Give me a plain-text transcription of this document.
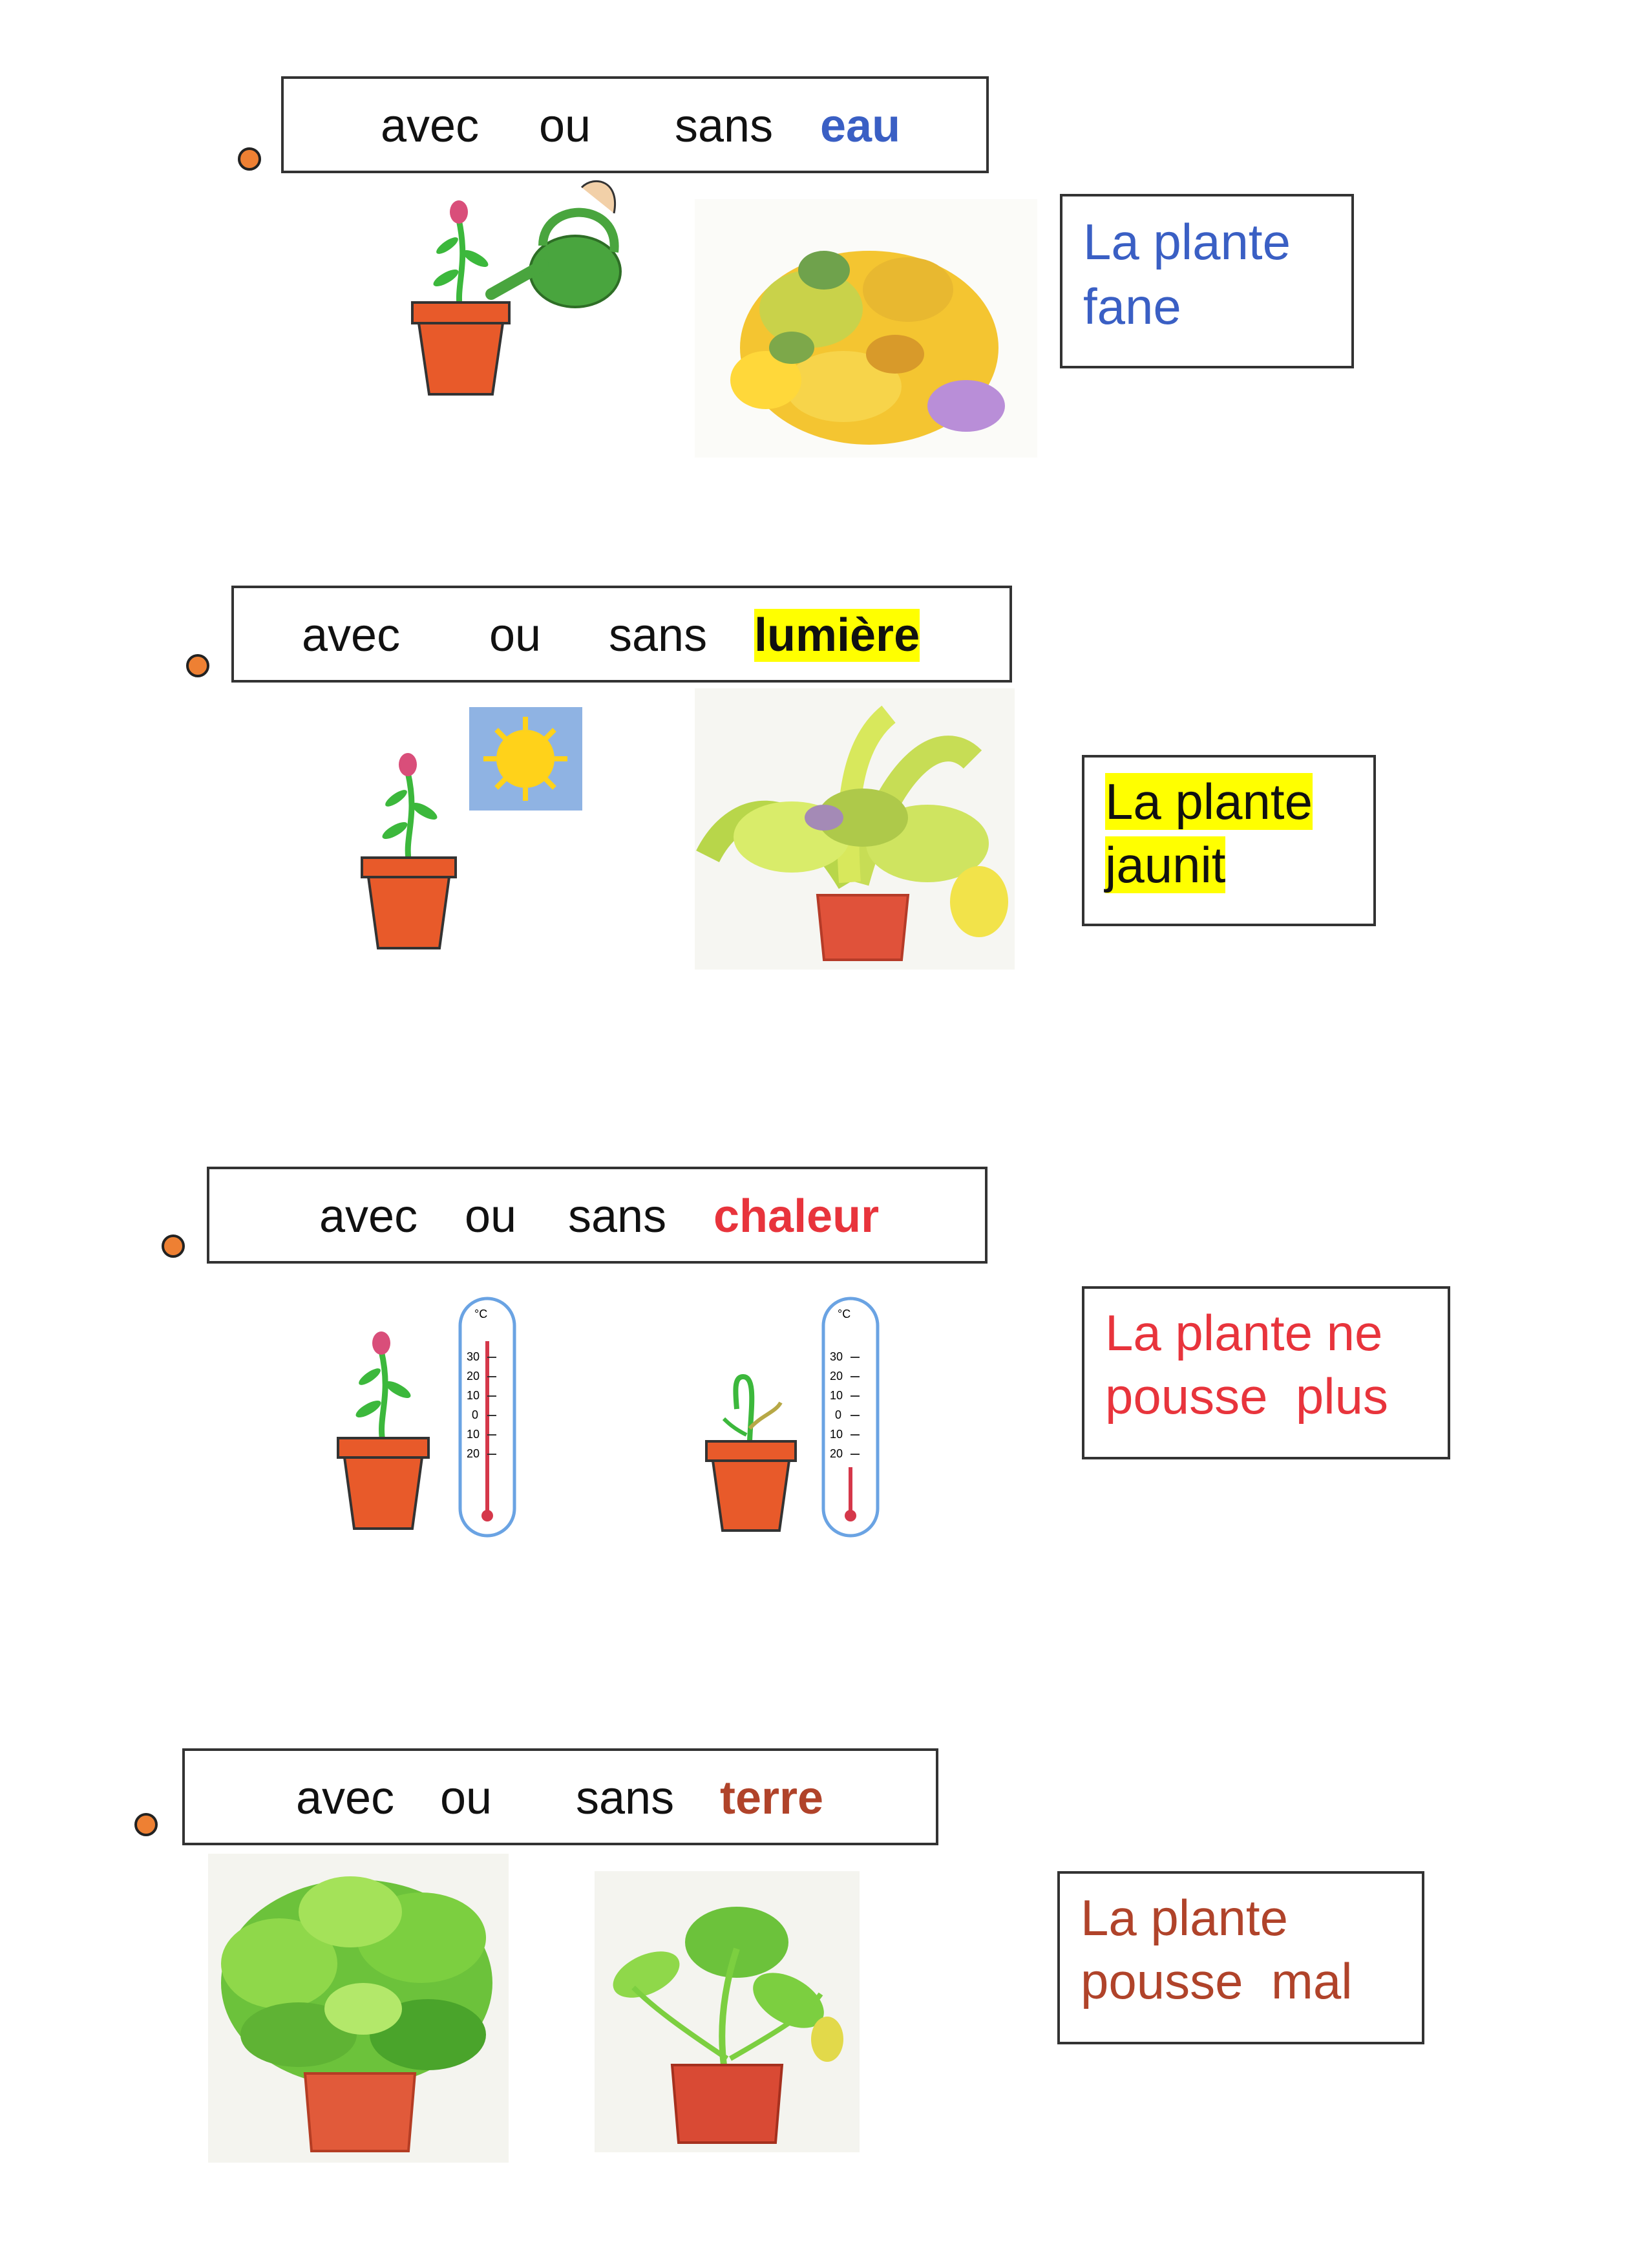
avec ou sans eau
La plante
fane
avec ou sans lumière
La plante
jaunit
avec ou sans chaleur
°C
30
20
10
0
10
20
°C
30
20
10
0
10
20
La plante ne
pousse  plus
avec ou sans terre
La plante
pousse  mal
